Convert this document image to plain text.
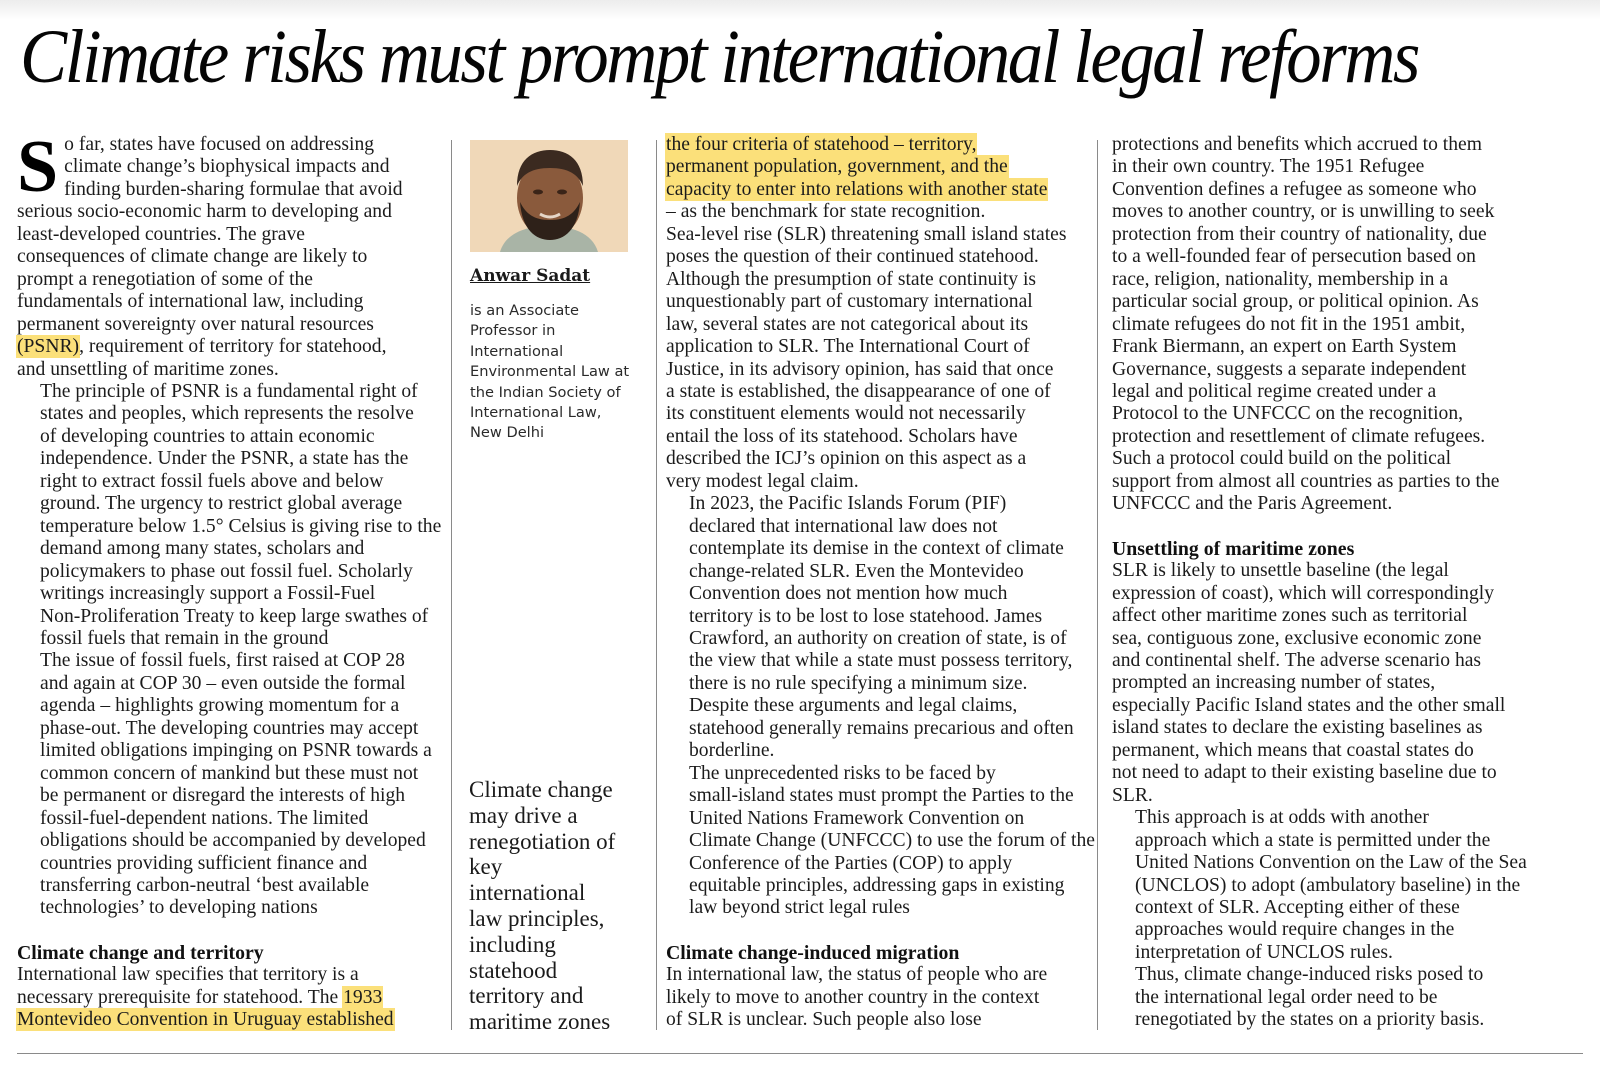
Climate risks must prompt international legal reforms

S o far, states have focused on addressing
climate change’s biophysical impacts and
finding burden-sharing formulae that avoid
serious socio-economic harm to developing and
least-developed countries. The grave
consequences of climate change are likely to
prompt a renegotiation of some of the
fundamentals of international law, including
permanent sovereignty over natural resources
(PSNR), requirement of territory for statehood,
and unsettling of maritime zones.

The principle of PSNR is a fundamental right of
states and peoples, which represents the resolve
of developing countries to attain economic
independence. Under the PSNR, a state has the
right to extract fossil fuels above and below
ground. The urgency to restrict global average
temperature below 1.5° Celsius is giving rise to the
demand among many states, scholars and
policymakers to phase out fossil fuel. Scholarly
writings increasingly support a Fossil-Fuel
Non-Proliferation Treaty to keep large swathes of
fossil fuels that remain in the ground

The issue of fossil fuels, first raised at COP 28
and again at COP 30 – even outside the formal
agenda – highlights growing momentum for a
phase-out. The developing countries may accept
limited obligations impinging on PSNR towards a
common concern of mankind but these must not
be permanent or disregard the interests of high
fossil-fuel-dependent nations. The limited
obligations should be accompanied by developed
countries providing sufficient finance and
transferring carbon-neutral ‘best available
technologies’ to developing nations

Climate change and territory

International law specifies that territory is a
necessary prerequisite for statehood. The 1933
Montevideo Convention in Uruguay established

Anwar Sadat
is an Associate
Professor in
International
Environmental Law at
the Indian Society of
International Law,
New Delhi
Climate change
may drive a
renegotiation of
key
international
law principles,
including
statehood
territory and
maritime zones

the four criteria of statehood – territory,
permanent population, government, and the
capacity to enter into relations with another state

– as the benchmark for state recognition.
Sea-level rise (SLR) threatening small island states
poses the question of their continued statehood.
Although the presumption of state continuity is
unquestionably part of customary international
law, several states are not categorical about its
application to SLR. The International Court of
Justice, in its advisory opinion, has said that once
a state is established, the disappearance of one of
its constituent elements would not necessarily
entail the loss of its statehood. Scholars have
described the ICJ’s opinion on this aspect as a
very modest legal claim.

In 2023, the Pacific Islands Forum (PIF)
declared that international law does not
contemplate its demise in the context of climate
change-related SLR. Even the Montevideo
Convention does not mention how much
territory is to be lost to lose statehood. James
Crawford, an authority on creation of state, is of
the view that while a state must possess territory,
there is no rule specifying a minimum size.
Despite these arguments and legal claims,
statehood generally remains precarious and often
borderline.

The unprecedented risks to be faced by
small-island states must prompt the Parties to the
United Nations Framework Convention on
Climate Change (UNFCCC) to use the forum of the
Conference of the Parties (COP) to apply
equitable principles, addressing gaps in existing
law beyond strict legal rules

Climate change-induced migration

In international law, the status of people who are
likely to move to another country in the context
of SLR is unclear. Such people also lose

protections and benefits which accrued to them
in their own country. The 1951 Refugee
Convention defines a refugee as someone who
moves to another country, or is unwilling to seek
protection from their country of nationality, due
to a well-founded fear of persecution based on
race, religion, nationality, membership in a
particular social group, or political opinion. As
climate refugees do not fit in the 1951 ambit,
Frank Biermann, an expert on Earth System
Governance, suggests a separate independent
legal and political regime created under a
Protocol to the UNFCCC on the recognition,
protection and resettlement of climate refugees.
Such a protocol could build on the political
support from almost all countries as parties to the
UNFCCC and the Paris Agreement.

Unsettling of maritime zones

SLR is likely to unsettle baseline (the legal
expression of coast), which will correspondingly
affect other maritime zones such as territorial
sea, contiguous zone, exclusive economic zone
and continental shelf. The adverse scenario has
prompted an increasing number of states,
especially Pacific Island states and the other small
island states to declare the existing baselines as
permanent, which means that coastal states do
not need to adapt to their existing baseline due to
SLR.

This approach is at odds with another
approach which a state is permitted under the
United Nations Convention on the Law of the Sea
(UNCLOS) to adopt (ambulatory baseline) in the
context of SLR. Accepting either of these
approaches would require changes in the
interpretation of UNCLOS rules.

Thus, climate change-induced risks posed to
the international legal order need to be
renegotiated by the states on a priority basis.
